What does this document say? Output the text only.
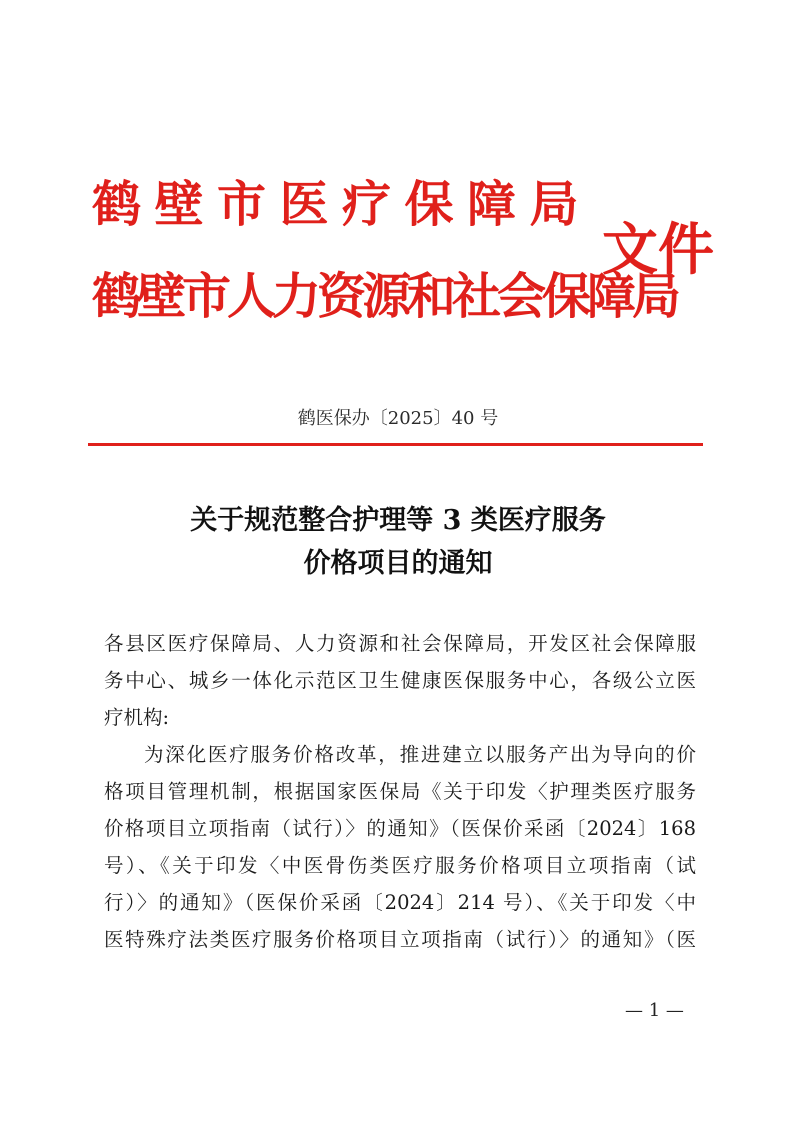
鹤壁市医疗保障局
鹤壁市人力资源和社会保障局
文件
鹤医保办〔2025〕40 号
关于规范整合护理等 3 类医疗服务
价格项目的通知
各县区医疗保障局、人力资源和社会保障局，开发区社会保障服
务中心、城乡一体化示范区卫生健康医保服务中心，各级公立医
疗机构:
为深化医疗服务价格改革，推进建立以服务产出为导向的价
格项目管理机制，根据国家医保局《关于印发〈护理类医疗服务
价格项目立项指南（试行）〉的通知》（医保价采函〔2024〕168
号）、《关于印发〈中医骨伤类医疗服务价格项目立项指南（试
行）〉的通知》（医保价采函〔2024〕214 号）、《关于印发〈中
医特殊疗法类医疗服务价格项目立项指南（试行）〉的通知》（医
— 1 —
